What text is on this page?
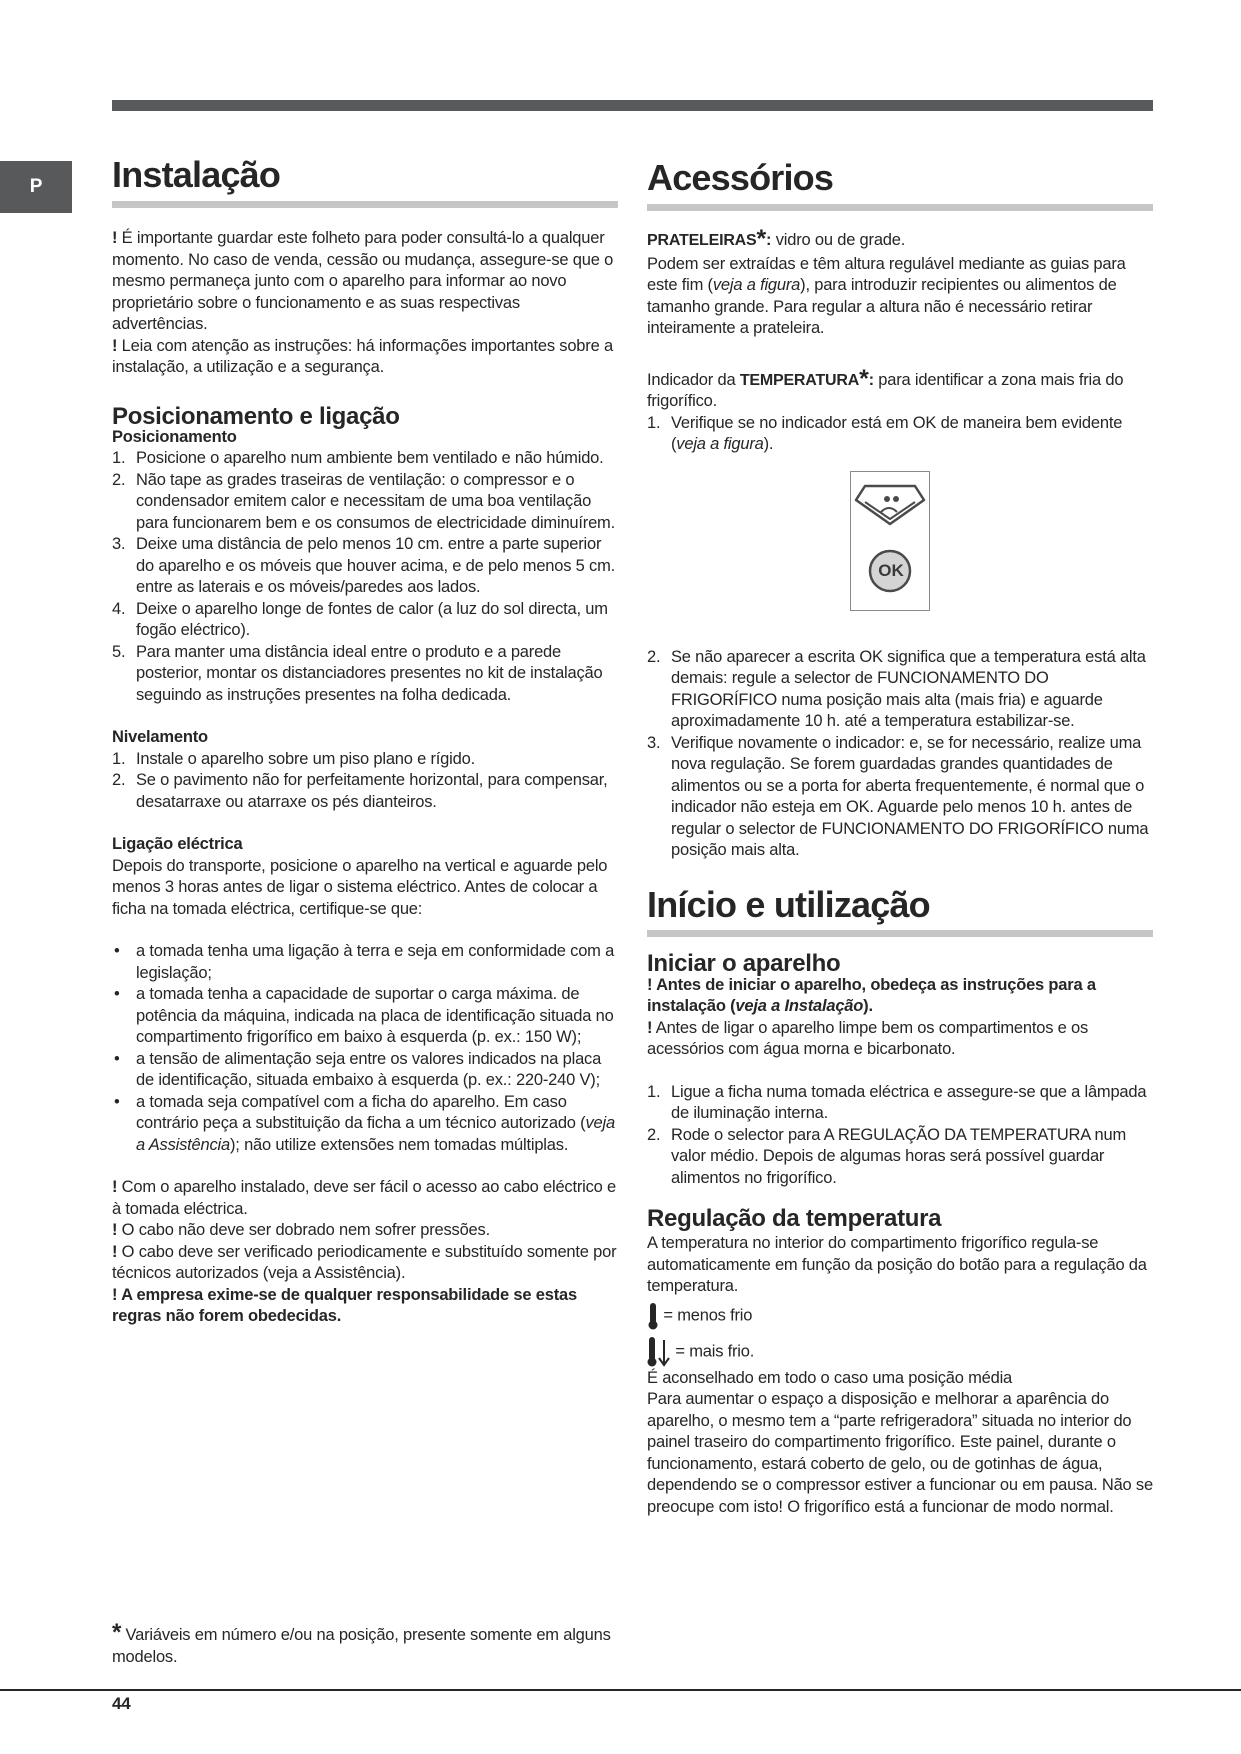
P	Instalação

! É importante guardar este folheto para poder consultá-lo a qualquer momento. No caso de venda, cessão ou mudança, assegure-se que o mesmo permaneça junto com o aparelho para informar ao novo proprietário sobre o funcionamento e as suas respectivas advertências.

! Leia com atenção as instruções: há informações importantes sobre a instalação, a utilização e a segurança.

Posicionamento e ligação

Posicionamento

1. Posicione o aparelho num ambiente bem ventilado e não húmido.
2. Não tape as grades traseiras de ventilação: o compressor e o condensador emitem calor e necessitam de uma boa ventilação para funcionarem bem e os consumos de electricidade diminuírem.
3. Deixe uma distância de pelo menos 10 cm. entre a parte superior do aparelho e os móveis que houver acima, e de pelo menos 5 cm. entre as laterais e os móveis/paredes aos lados.
4. Deixe o aparelho longe de fontes de calor (a luz do sol directa, um fogão eléctrico).
5. Para manter uma distância ideal entre o produto e a parede posterior, montar os distanciadores presentes no kit de instalação seguindo as instruções presentes na folha dedicada.

Nivelamento

1. Instale o aparelho sobre um piso plano e rígido.
2. Se o pavimento não for perfeitamente horizontal, para compensar, desatarraxe ou atarraxe os pés dianteiros.

Ligação eléctrica

Depois do transporte, posicione o aparelho na vertical e aguarde pelo menos 3 horas antes de ligar o sistema eléctrico. Antes de colocar a ficha na tomada eléctrica, certifique-se que:

• a tomada tenha uma ligação à terra e seja em conformidade com a legislação;
• a tomada tenha a capacidade de suportar o carga máxima. de potência da máquina, indicada na placa de identificação situada no compartimento frigorífico em baixo à esquerda (p. ex.: 150 W);
• a tensão de alimentação seja entre os valores indicados na placa de identificação, situada embaixo à esquerda (p. ex.: 220-240 V);
• a tomada seja compatível com a ficha do aparelho. Em caso contrário peça a substituição da ficha a um técnico autorizado (veja a Assistência); não utilize extensões nem tomadas múltiplas.

! Com o aparelho instalado, deve ser fácil o acesso ao cabo eléctrico e à tomada eléctrica.

! O cabo não deve ser dobrado nem sofrer pressões.

! O cabo deve ser verificado periodicamente e substituído somente por técnicos autorizados (veja a Assistência).

! A empresa exime-se de qualquer responsabilidade se estas regras não forem obedecidas.

Acessórios

PRATELEIRAS*: vidro ou de grade.

Podem ser extraídas e têm altura regulável mediante as guias para este fim (veja a figura), para introduzir recipientes ou alimentos de tamanho grande. Para regular a altura não é necessário retirar inteiramente a prateleira.

Indicador da TEMPERATURA*: para identificar a zona mais fria do frigorífico.

1. Verifique se no indicador está em OK de maneira bem evidente (veja a figura).
OK
2. Se não aparecer a escrita OK significa que a temperatura está alta demais: regule a selector de FUNCIONAMENTO DO FRIGORÍFICO numa posição mais alta (mais fria) e aguarde aproximadamente 10 h. até a temperatura estabilizar-se.
3. Verifique novamente o indicador: e, se for necessário, realize uma nova regulação. Se forem guardadas grandes quantidades de alimentos ou se a porta for aberta frequentemente, é normal que o indicador não esteja em OK. Aguarde pelo menos 10 h. antes de regular o selector de FUNCIONAMENTO DO FRIGORÍFICO numa posição mais alta.
Início e utilização
Iniciar o aparelho

! Antes de iniciar o aparelho, obedeça as instruções para a instalação (veja a Instalação).

! Antes de ligar o aparelho limpe bem os compartimentos e os acessórios com água morna e bicarbonato.

1. Ligue a ficha numa tomada eléctrica e assegure-se que a lâmpada de iluminação interna.
2. Rode o selector para A REGULAÇÃO DA TEMPERATURA num valor médio. Depois de algumas horas será possível guardar alimentos no frigorífico.
Regulação da temperatura

A temperatura no interior do compartimento frigorífico regula-se automaticamente em função da posição do botão para a regulação da temperatura.

= menos frio

= mais frio.

É aconselhado em todo o caso uma posição média

Para aumentar o espaço a disposição e melhorar a aparência do aparelho, o mesmo tem a “parte refrigeradora” situada no interior do painel traseiro do compartimento frigorífico. Este painel, durante o funcionamento, estará coberto de gelo, ou de gotinhas de água, dependendo se o compressor estiver a funcionar ou em pausa. Não se preocupe com isto! O frigorífico está a funcionar de modo normal.

* Variáveis em número e/ou na posição, presente somente em alguns modelos.
44
